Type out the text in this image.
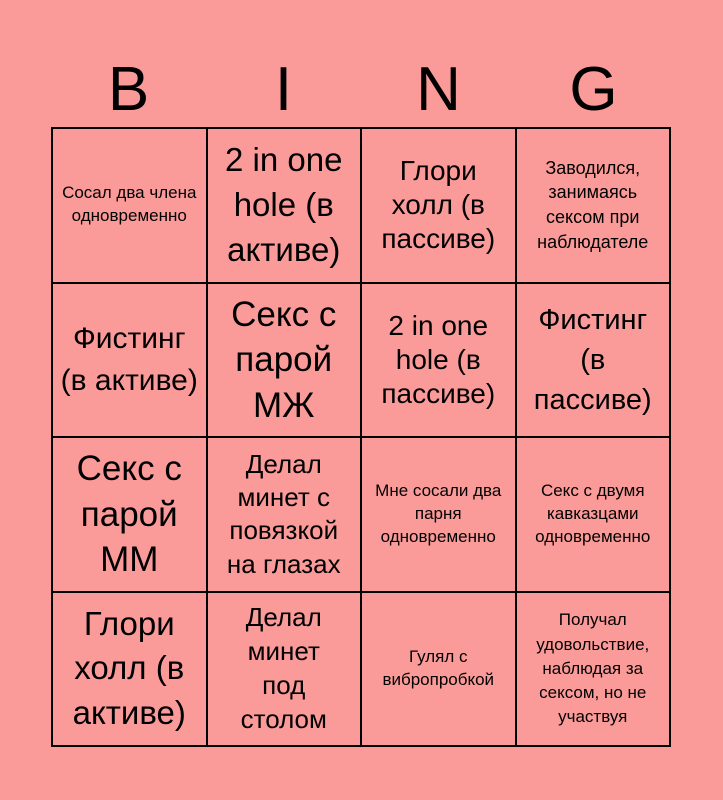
B	I	N	G
Сосал два члена одновременно
2 in one hole (в активе)
Глори холл (в пассиве)
Заводился, занимаясь сексом при наблюдателе
Фистинг (в активе)
Секс с парой МЖ
2 in one hole (в пассиве)
Фистинг (в пассиве)
Секс с парой ММ
Делал минет с повязкой на глазах
Мне сосали два парня одновременно
Секс с двумя кавказцами одновременно
Глори холл (в активе)
Делал минет под столом
Гулял с вибропробкой
Получал удовольствие, наблюдая за сексом, но не участвуя
